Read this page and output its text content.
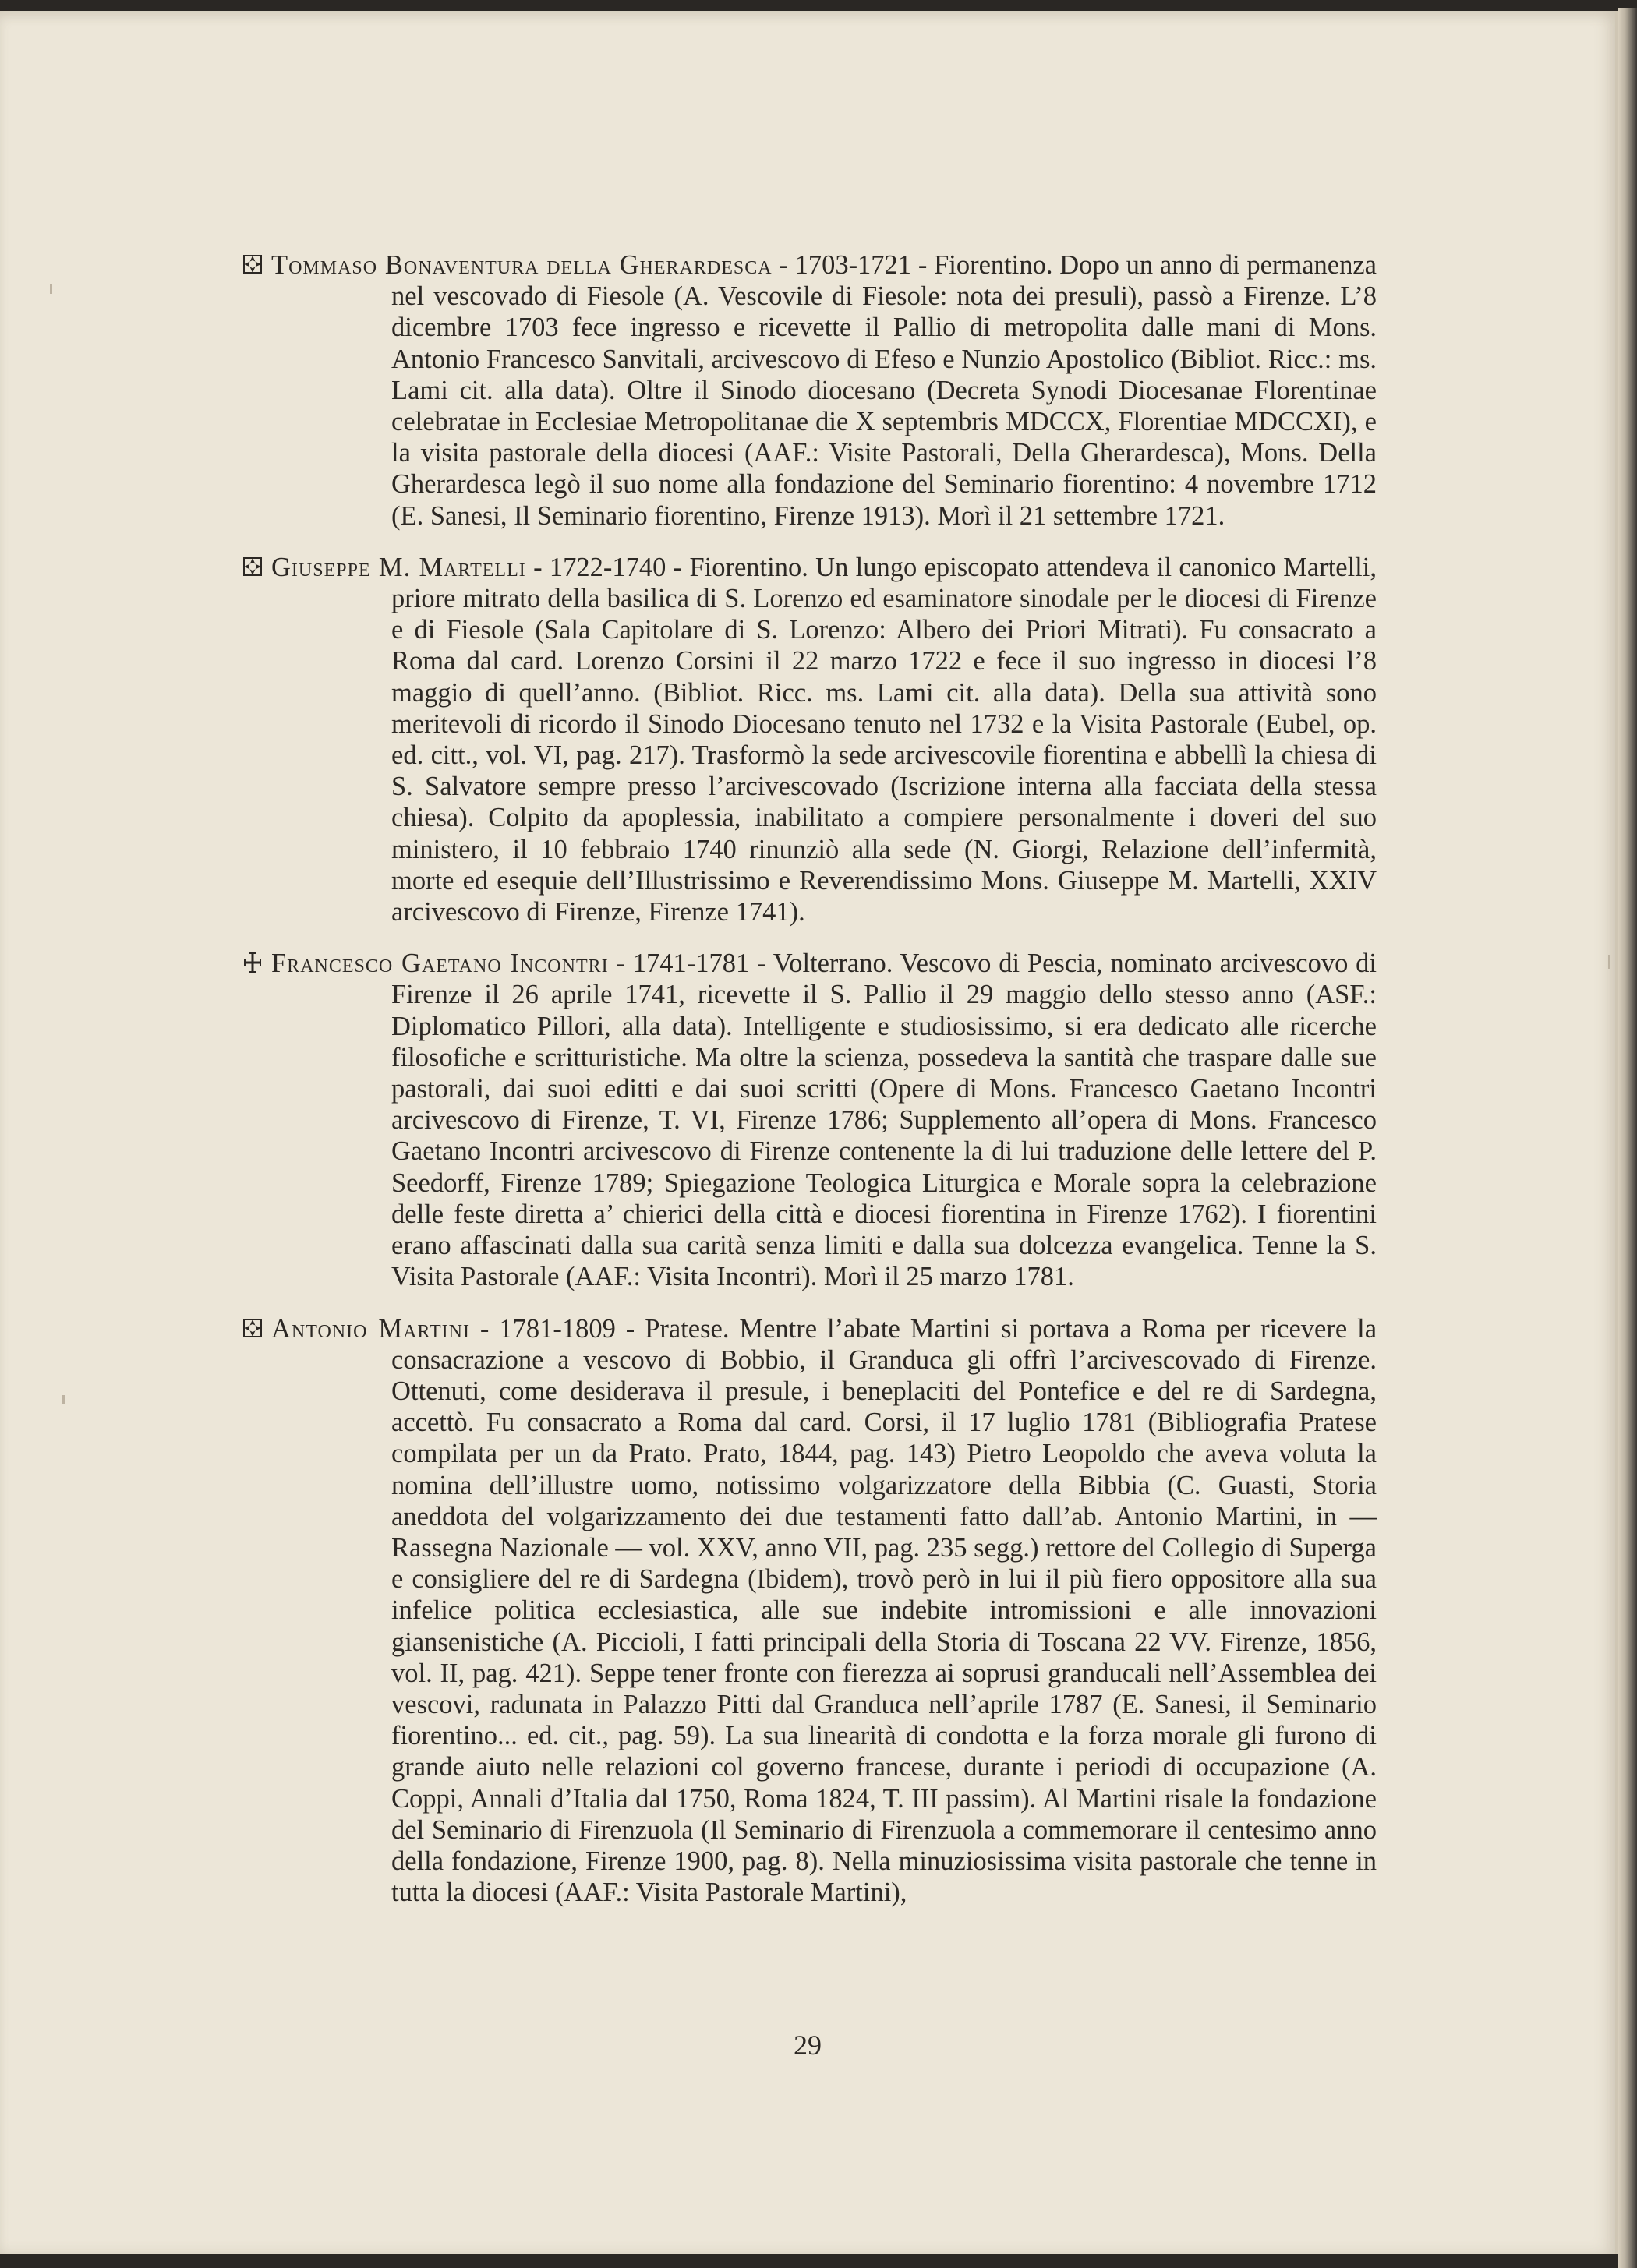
Tommaso Bonaventura della Gherardesca - 1703-1721 - Fiorentino. Dopo un anno di permanenza nel vescovado di Fiesole (A. Vescovile di Fiesole: nota dei presuli), passò a Firenze. L’8 dicembre 1703 fece ingresso e ricevette il Pallio di metropolita dalle mani di Mons. Antonio Francesco Sanvitali, arcivescovo di Efeso e Nunzio Apostolico (Bibliot. Ricc.: ms. Lami cit. alla data). Oltre il Sinodo diocesano (Decreta Synodi Diocesanae Florentinae celebratae in Ecclesiae Metropolitanae die X septembris MDCCX, Florentiae MDCCXI), e la visita pastorale della diocesi (AAF.: Visite Pastorali, Della Gherardesca), Mons. Della Gherardesca legò il suo nome alla fondazione del Seminario fiorentino: 4 novembre 1712 (E. Sanesi, Il Seminario fiorentino, Firenze 1913). Morì il 21 settembre 1721.

Giuseppe M. Martelli - 1722-1740 - Fiorentino. Un lungo episcopato attendeva il canonico Martelli, priore mitrato della basilica di S. Lorenzo ed esaminatore sinodale per le diocesi di Firenze e di Fiesole (Sala Capitolare di S. Lorenzo: Albero dei Priori Mitrati). Fu consacrato a Roma dal card. Lorenzo Corsini il 22 marzo 1722 e fece il suo ingresso in diocesi l’8 maggio di quell’anno. (Bibliot. Ricc. ms. Lami cit. alla data). Della sua attività sono meritevoli di ricordo il Sinodo Diocesano tenuto nel 1732 e la Visita Pastorale (Eubel, op. ed. citt., vol. VI, pag. 217). Trasformò la sede arcivescovile fiorentina e abbellì la chiesa di S. Salvatore sempre presso l’arcivescovado (Iscrizione interna alla facciata della stessa chiesa). Colpito da apoplessia, inabilitato a compiere personalmente i doveri del suo ministero, il 10 febbraio 1740 rinunziò alla sede (N. Giorgi, Relazione dell’infermità, morte ed esequie dell’Illustrissimo e Reverendissimo Mons. Giuseppe M. Martelli, XXIV arcivescovo di Firenze, Firenze 1741).

Francesco Gaetano Incontri - 1741-1781 - Volterrano. Vescovo di Pescia, nominato arcivescovo di Firenze il 26 aprile 1741, ricevette il S. Pallio il 29 maggio dello stesso anno (ASF.: Diplomatico Pillori, alla data). Intelligente e studiosissimo, si era dedicato alle ricerche filosofiche e scritturistiche. Ma oltre la scienza, possedeva la santità che traspare dalle sue pastorali, dai suoi editti e dai suoi scritti (Opere di Mons. Francesco Gaetano Incontri arcivescovo di Firenze, T. VI, Firenze 1786; Supplemento all’opera di Mons. Francesco Gaetano Incontri arcivescovo di Firenze contenente la di lui traduzione delle lettere del P. Seedorff, Firenze 1789; Spiegazione Teologica Liturgica e Morale sopra la celebrazione delle feste diretta a’ chierici della città e diocesi fiorentina in Firenze 1762). I fiorentini erano affascinati dalla sua carità senza limiti e dalla sua dolcezza evangelica. Tenne la S. Visita Pastorale (AAF.: Visita Incontri). Morì il 25 marzo 1781.

Antonio Martini - 1781-1809 - Pratese. Mentre l’abate Martini si portava a Roma per ricevere la consacrazione a vescovo di Bobbio, il Granduca gli offrì l’arcivescovado di Firenze. Ottenuti, come desiderava il presule, i beneplaciti del Pontefice e del re di Sardegna, accettò. Fu consacrato a Roma dal card. Corsi, il 17 luglio 1781 (Bibliografia Pratese compilata per un da Prato. Prato, 1844, pag. 143) Pietro Leopoldo che aveva voluta la nomina dell’illustre uomo, notissimo volgarizzatore della Bibbia (C. Guasti, Storia aneddota del volgarizzamento dei due testamenti fatto dall’ab. Antonio Martini, in — Rassegna Nazionale — vol. XXV, anno VII, pag. 235 segg.) rettore del Collegio di Superga e consigliere del re di Sardegna (Ibidem), trovò però in lui il più fiero oppositore alla sua infelice politica ecclesiastica, alle sue indebite intromissioni e alle innovazioni giansenistiche (A. Piccioli, I fatti principali della Storia di Toscana 22 VV. Firenze, 1856, vol. II, pag. 421). Seppe tener fronte con fierezza ai soprusi granducali nell’Assemblea dei vescovi, radunata in Palazzo Pitti dal Granduca nell’aprile 1787 (E. Sanesi, il Seminario fiorentino... ed. cit., pag. 59). La sua linearità di condotta e la forza morale gli furono di grande aiuto nelle relazioni col governo francese, durante i periodi di occupazione (A. Coppi, Annali d’Italia dal 1750, Roma 1824, T. III passim). Al Martini risale la fondazione del Seminario di Firenzuola (Il Seminario di Firenzuola a commemorare il centesimo anno della fondazione, Firenze 1900, pag. 8). Nella minuziosissima visita pastorale che tenne in tutta la diocesi (AAF.: Visita Pastorale Martini),

29
